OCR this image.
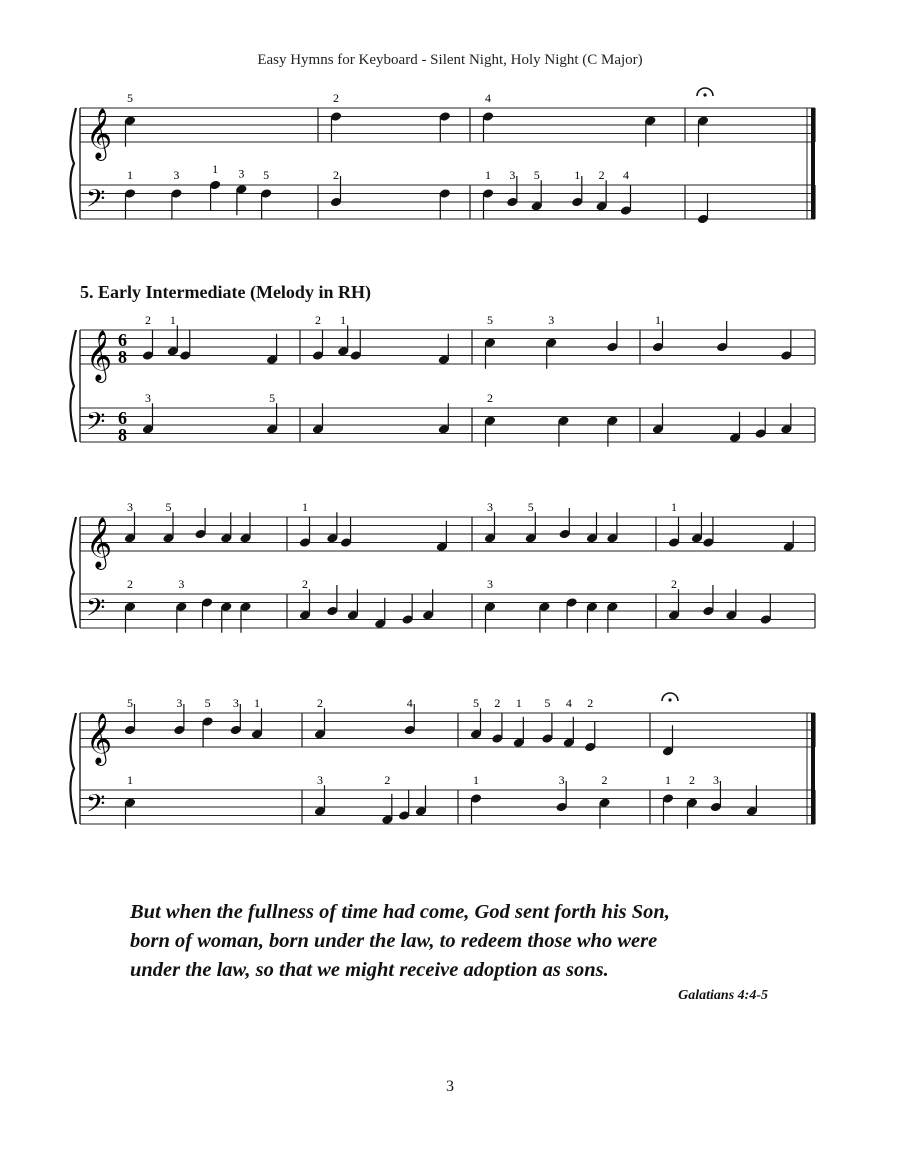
Easy Hymns for Keyboard - Silent Night, Holy Night (C Major)
5. Early Intermediate (Melody in RH)
𝄞
𝄢
5
1	3	1 3 5
2
2
4
1 3 5	1 2 4
𝄞
𝄢
6
8
6
8
2 1
3	5
2 1	5	3
2
1
𝄞
𝄢
3	5
2	3
1
2
3	5
3
1
2
𝄞
𝄢
5	3 5 3 1
1
2	4
3	2
5 2 1 5 4 2
1	3	2	1 2 3
But when the fullness of time had come, God sent forth his Son,
born of woman, born under the law, to redeem those who were
under the law, so that we might receive adoption as sons.
Galatians 4:4-5
3
